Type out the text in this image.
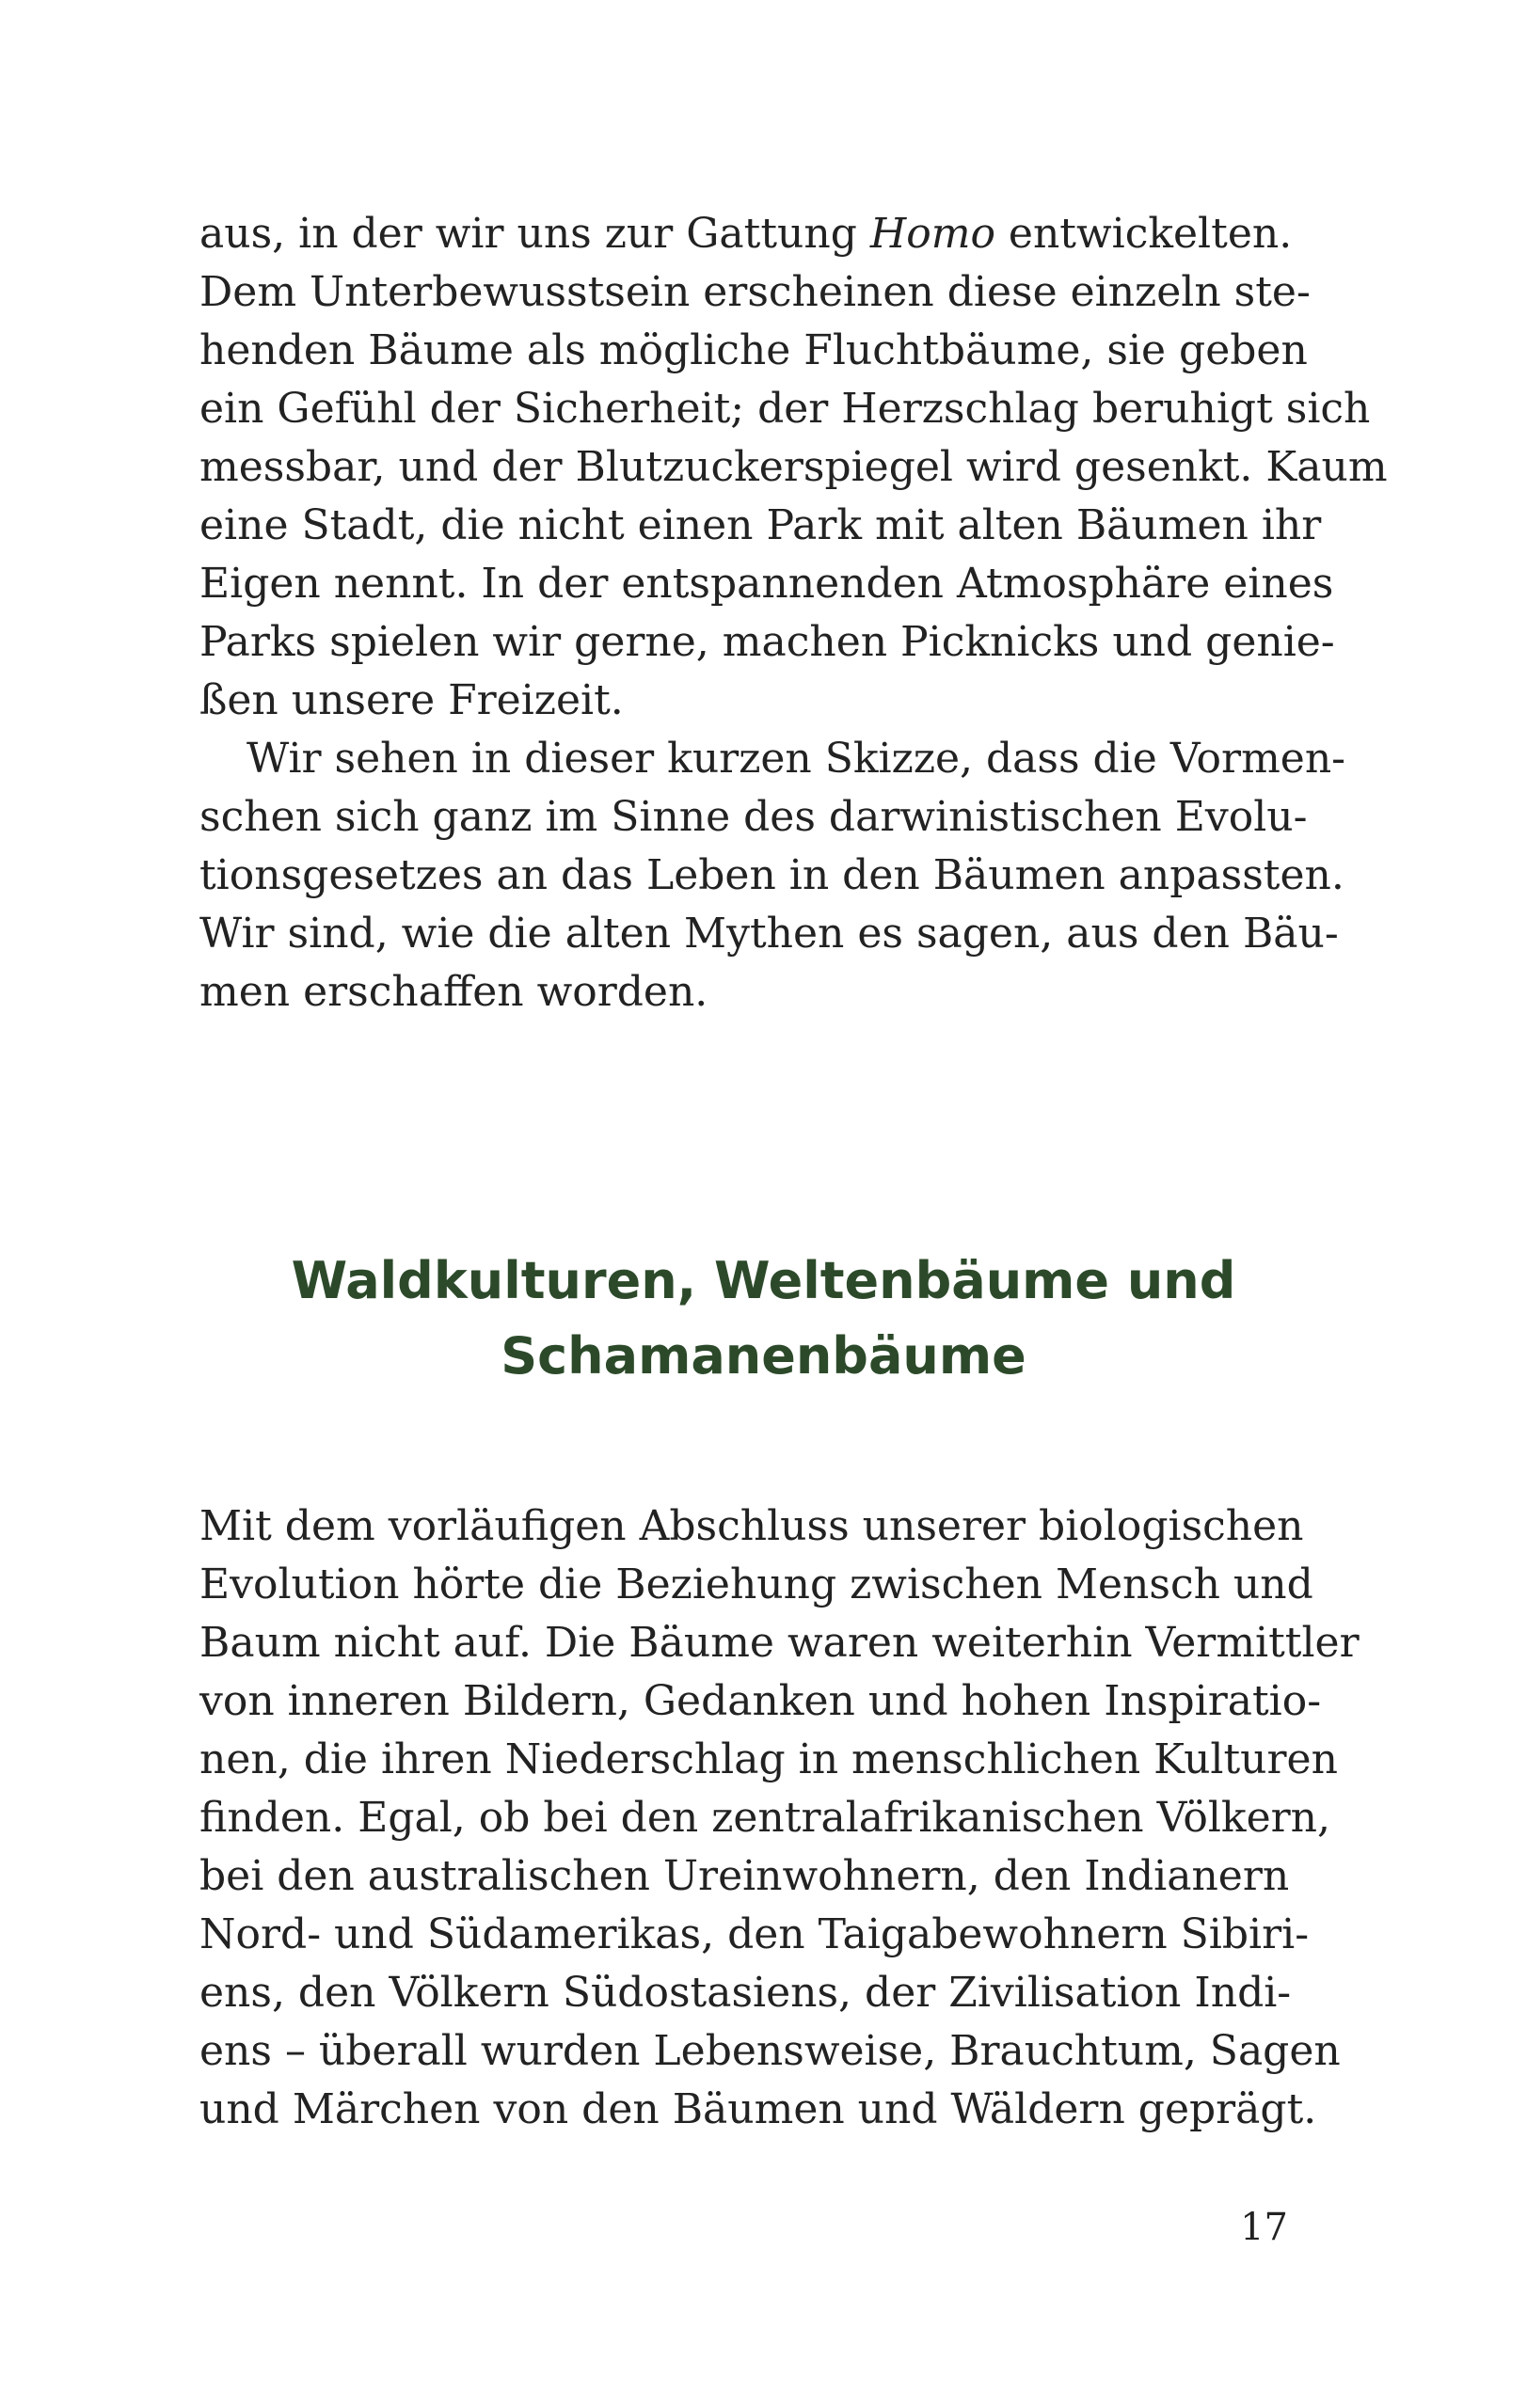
aus, in der wir uns zur Gattung Homo entwickelten.
Dem Unterbewusstsein erscheinen diese einzeln ste-
henden Bäume als mögliche Fluchtbäume, sie geben
ein Gefühl der Sicherheit; der Herzschlag beruhigt sich
messbar, und der Blutzuckerspiegel wird gesenkt. Kaum
eine Stadt, die nicht einen Park mit alten Bäumen ihr
Eigen nennt. In der entspannenden Atmosphäre eines
Parks spielen wir gerne, machen Picknicks und genie-
ßen unsere Freizeit.
Wir sehen in dieser kurzen Skizze, dass die Vormen-
schen sich ganz im Sinne des darwinistischen Evolu-
tionsgesetzes an das Leben in den Bäumen anpassten.
Wir sind, wie die alten Mythen es sagen, aus den Bäu-
men erschaffen worden.
Waldkulturen, Weltenbäume und
Schamanenbäume
Mit dem vorläufigen Abschluss unserer biologischen
Evolution hörte die Beziehung zwischen Mensch und
Baum nicht auf. Die Bäume waren weiterhin Vermittler
von inneren Bildern, Gedanken und hohen Inspiratio-
nen, die ihren Niederschlag in menschlichen Kulturen
finden. Egal, ob bei den zentralafrikanischen Völkern,
bei den australischen Ureinwohnern, den Indianern
Nord- und Südamerikas, den Taigabewohnern Sibiri-
ens, den Völkern Südostasiens, der Zivilisation Indi-
ens – überall wurden Lebensweise, Brauchtum, Sagen
und Märchen von den Bäumen und Wäldern geprägt.
17
